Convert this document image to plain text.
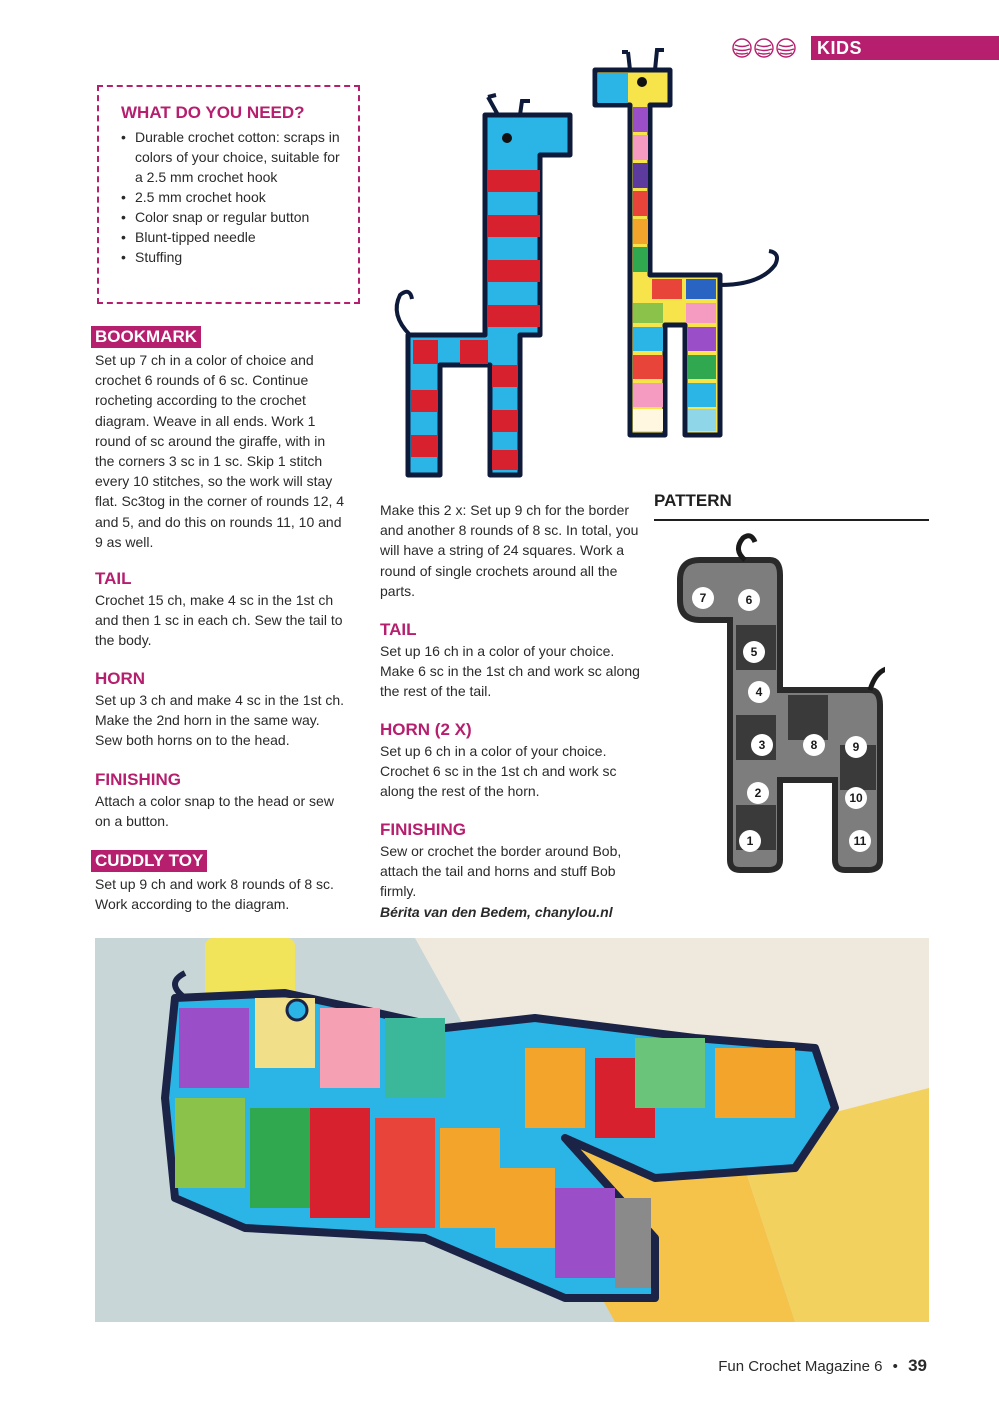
KIDS
WHAT DO YOU NEED?
• Durable crochet cotton: scraps in colors of your choice, suitable for a 2.5 mm crochet hook
• 2.5 mm crochet hook
• Color snap or regular button
• Blunt-tipped needle
• Stuffing
BOOKMARK

Set up 7 ch in a color of choice and crochet 6 rounds of 6 sc. Continue rocheting according to the crochet diagram. Weave in all ends. Work 1 round of sc around the giraffe, with in the corners 3 sc in 1 sc. Skip 1 stitch every 10 stitches, so the work will stay flat. Sc3tog in the corner of rounds 12, 4 and 5, and do this on rounds 11, 10 and 9 as well.

TAIL

Crochet 15 ch, make 4 sc in the 1st ch and then 1 sc in each ch. Sew the tail to the body.

HORN

Set up 3 ch and make 4 sc in the 1st ch. Make the 2nd horn in the same way. Sew both horns on to the head.

FINISHING

Attach a color snap to the head or sew on a button.

CUDDLY TOY

Set up 9 ch and work 8 rounds of 8 sc. Work according to the diagram.

Make this 2 x: Set up 9 ch for the border and another 8 rounds of 8 sc. In total, you will have a string of 24 squares. Work a round of single crochets around all the parts.

TAIL

Set up 16 ch in a color of your choice. Make 6 sc in the 1st ch and work sc along the rest of the tail.

HORN (2 X)

Set up 6 ch in a color of your choice. Crochet 6 sc in the 1st ch and work sc along the rest of the horn.

FINISHING

Sew or crochet the border around Bob, attach the tail and horns and stuff Bob firmly.

Bérita van den Bedem, chanylou.nl

PATTERN
1
2
3
4
5
6
7
8	9
10
11
Fun Crochet Magazine 6 • 39
